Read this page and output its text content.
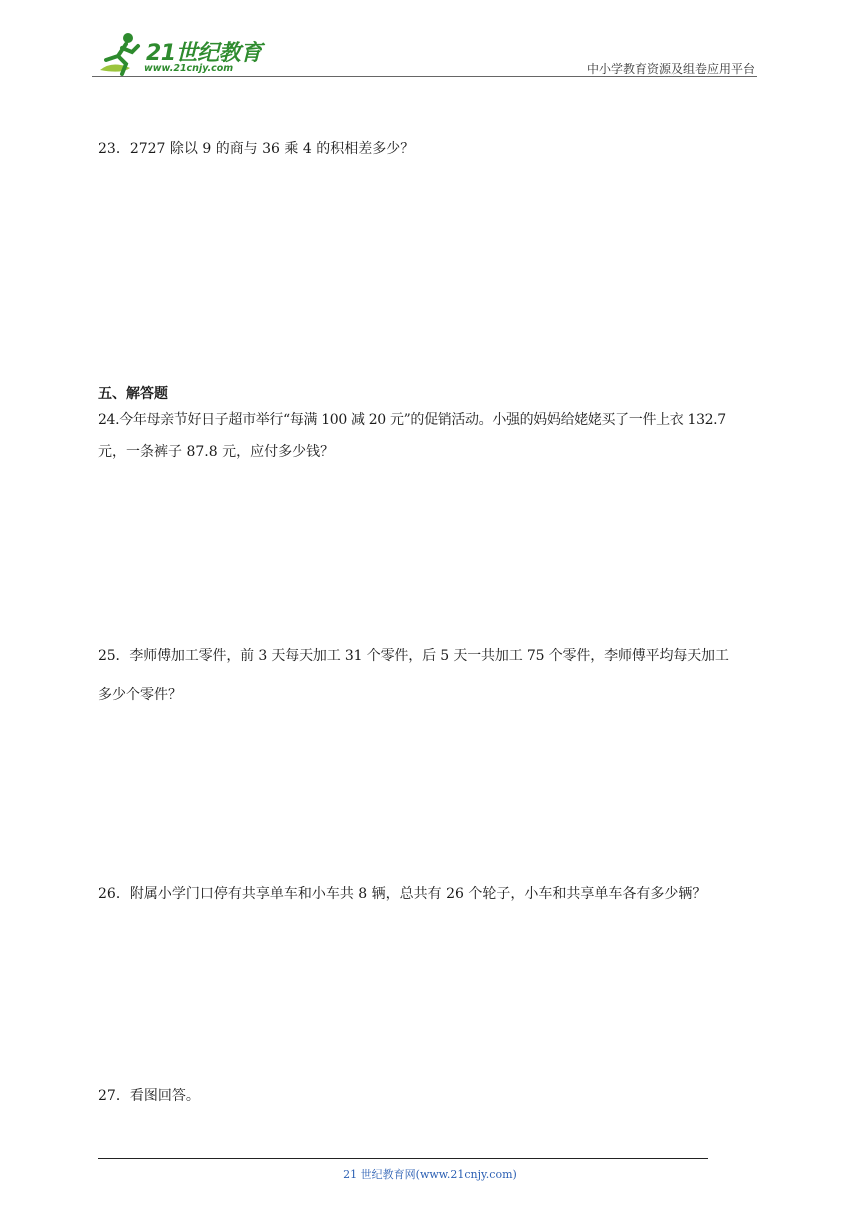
21世纪教育
www.21cnjy.com	中小学教育资源及组卷应用平台
23．2727 除以 9 的商与 36 乘 4 的积相差多少？
五、解答题
24.今年母亲节好日子超市举行“每满 100 减 20 元”的促销活动。小强的妈妈给姥姥买了一件上衣 132.7
元，一条裤子 87.8 元，应付多少钱？
25．李师傅加工零件，前 3 天每天加工 31 个零件，后 5 天一共加工 75 个零件，李师傅平均每天加工
多少个零件？
26．附属小学门口停有共享单车和小车共 8 辆，总共有 26 个轮子，小车和共享单车各有多少辆？
27．看图回答。
21 世纪教育网(www.21cnjy.com)
